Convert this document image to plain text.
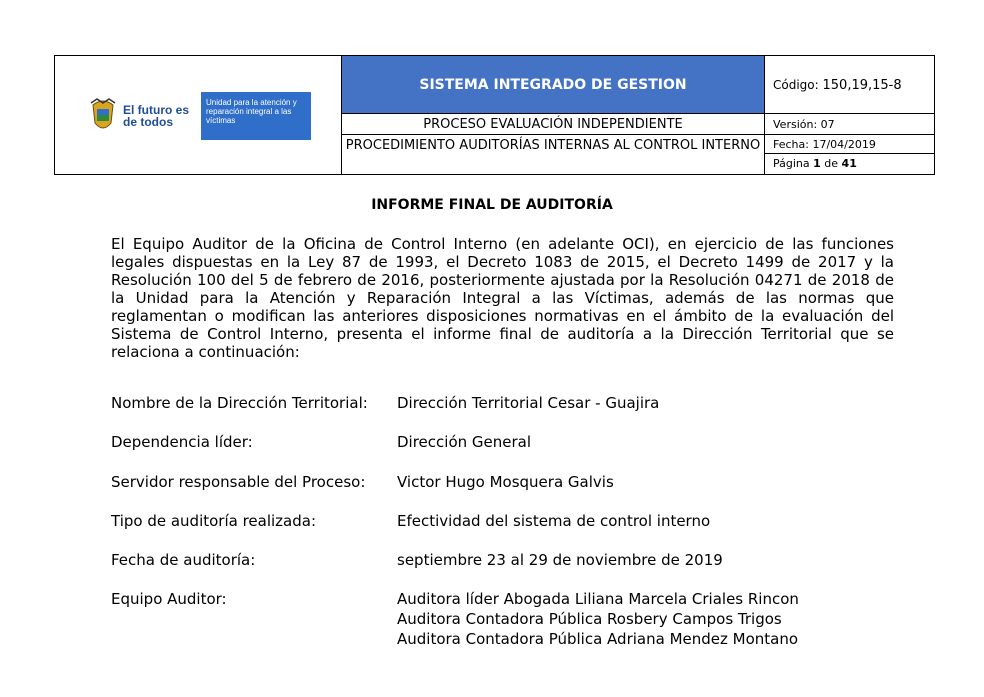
El futuro es de todos
Unidad para la atención y reparación integral a las víctimas
SISTEMA INTEGRADO DE GESTION
PROCESO EVALUACIÓN INDEPENDIENTE
PROCEDIMIENTO AUDITORÍAS INTERNAS AL CONTROL INTERNO
Código: 150,19,15-8
Versión: 07
Fecha: 17/04/2019
Página 1 de 41
INFORME FINAL DE AUDITORÍA
El Equipo Auditor de la Oficina de Control Interno (en adelante OCI), en ejercicio de las funciones legales dispuestas en la Ley 87 de 1993, el Decreto 1083 de 2015, el Decreto 1499 de 2017 y la Resolución 100 del 5 de febrero de 2016, posteriormente ajustada por la Resolución 04271 de 2018 de la Unidad para la Atención y Reparación Integral a las Víctimas, además de las normas que reglamentan o modifican las anteriores disposiciones normativas en el ámbito de la evaluación del Sistema de Control Interno, presenta el informe final de auditoría a la Dirección Territorial que se relaciona a continuación:
Nombre de la Dirección Territorial: Dirección Territorial Cesar - Guajira
Dependencia líder:	Dirección General
Servidor responsable del Proceso: Victor Hugo Mosquera Galvis
Tipo de auditoría realizada:	Efectividad del sistema de control interno
Fecha de auditoría:	septiembre 23 al 29 de noviembre de 2019
Equipo Auditor:	Auditora líder Abogada Liliana Marcela Criales Rincon
Auditora Contadora Pública Rosbery Campos Trigos
Auditora Contadora Pública Adriana Mendez Montano
